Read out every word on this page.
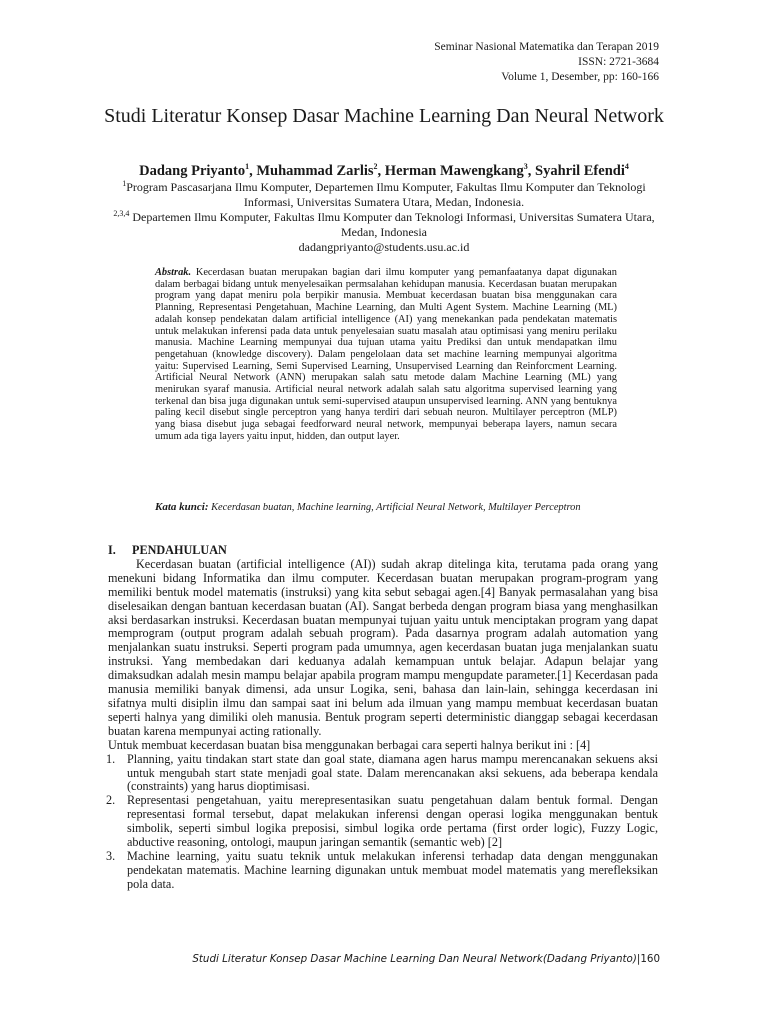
Seminar Nasional Matematika dan Terapan 2019
ISSN: 2721-3684
Volume 1, Desember, pp: 160-166
Studi Literatur Konsep Dasar Machine Learning Dan Neural Network
Dadang Priyanto$^1$, Muhammad Zarlis$^2$, Herman Mawengkang$^3$, Syahril Efendi$^4$
$^1$Program Pascasarjana Ilmu Komputer, Departemen Ilmu Komputer, Fakultas Ilmu Komputer dan Teknologi Informasi, Universitas Sumatera Utara, Medan, Indonesia.
$^{2,3,4}$ Departemen Ilmu Komputer, Fakultas Ilmu Komputer dan Teknologi Informasi, Universitas Sumatera Utara, Medan, Indonesia
dadangpriyanto@students.usu.ac.id
Abstrak. Kecerdasan buatan merupakan bagian dari ilmu komputer yang pemanfaatanya dapat digunakan dalam berbagai bidang untuk menyelesaikan permsalahan kehidupan manusia. Kecerdasan buatan merupakan program yang dapat meniru pola berpikir manusia. Membuat kecerdasan buatan bisa menggunakan cara Planning, Representasi Pengetahuan, Machine Learning, dan Multi Agent System. Machine Learning (ML) adalah konsep pendekatan dalam artificial intelligence (AI) yang menekankan pada pendekatan matematis untuk melakukan inferensi pada data untuk penyelesaian suatu masalah atau optimisasi yang meniru perilaku manusia. Machine Learning mempunyai dua tujuan utama yaitu Prediksi dan untuk mendapatkan ilmu pengetahuan (knowledge discovery). Dalam pengelolaan data set machine learning mempunyai algoritma yaitu: Supervised Learning, Semi Supervised Learning, Unsupervised Learning dan Reinforcment Learning. Artificial Neural Network (ANN) merupakan salah satu metode dalam Machine Learning (ML) yang menirukan syaraf manusia. Artificial neural network adalah salah satu algoritma supervised learning yang terkenal dan bisa juga digunakan untuk semi-supervised ataupun unsupervised learning. ANN yang bentuknya paling kecil disebut single perceptron yang hanya terdiri dari sebuah neuron. Multilayer perceptron (MLP) yang biasa disebut juga sebagai feedforward neural network, mempunyai beberapa layers, namun secara umum ada tiga layers yaitu input, hidden, dan output layer.
Kata kunci: Kecerdasan buatan, Machine learning, Artificial Neural Network, Multilayer Perceptron
I. PENDAHULUAN
Kecerdasan buatan (artificial intelligence (AI)) sudah akrap ditelinga kita, terutama pada orang yang menekuni bidang Informatika dan ilmu computer. Kecerdasan buatan merupakan program-program yang memiliki bentuk model matematis (instruksi) yang kita sebut sebagai agen.[4] Banyak permasalahan yang bisa diselesaikan dengan bantuan kecerdasan buatan (AI). Sangat berbeda dengan program biasa yang menghasilkan aksi berdasarkan instruksi. Kecerdasan buatan mempunyai tujuan yaitu untuk menciptakan program yang dapat memprogram (output program adalah sebuah program). Pada dasarnya program adalah automation yang menjalankan suatu instruksi. Seperti program pada umumnya, agen kecerdasan buatan juga menjalankan suatu instruksi. Yang membedakan dari keduanya adalah kemampuan untuk belajar. Adapun belajar yang dimaksudkan adalah mesin mampu belajar apabila program mampu mengupdate parameter.[1] Kecerdasan pada manusia memiliki banyak dimensi, ada unsur Logika, seni, bahasa dan lain-lain, sehingga kecerdasan ini sifatnya multi disiplin ilmu dan sampai saat ini belum ada ilmuan yang mampu membuat kecerdasan buatan seperti halnya yang dimiliki oleh manusia. Bentuk program seperti deterministic dianggap sebagai kecerdasan buatan karena mempunyai acting rationally.
Untuk membuat kecerdasan buatan bisa menggunakan berbagai cara seperti halnya berikut ini : [4]
1. Planning, yaitu tindakan start state dan goal state, diamana agen harus mampu merencanakan sekuens aksi untuk mengubah start state menjadi goal state. Dalam merencanakan aksi sekuens, ada beberapa kendala (constraints) yang harus dioptimisasi.
2. Representasi pengetahuan, yaitu merepresentasikan suatu pengetahuan dalam bentuk formal. Dengan representasi formal tersebut, dapat melakukan inferensi dengan operasi logika menggunakan bentuk simbolik, seperti simbul logika preposisi, simbul logika orde pertama (first order logic), Fuzzy Logic, abductive reasoning, ontologi, maupun jaringan semantik (semantic web) [2]
3. Machine learning, yaitu suatu teknik untuk melakukan inferensi terhadap data dengan menggunakan pendekatan matematis. Machine learning digunakan untuk membuat model matematis yang merefleksikan pola data.
Studi Literatur Konsep Dasar Machine Learning Dan Neural Network(Dadang Priyanto)|160
